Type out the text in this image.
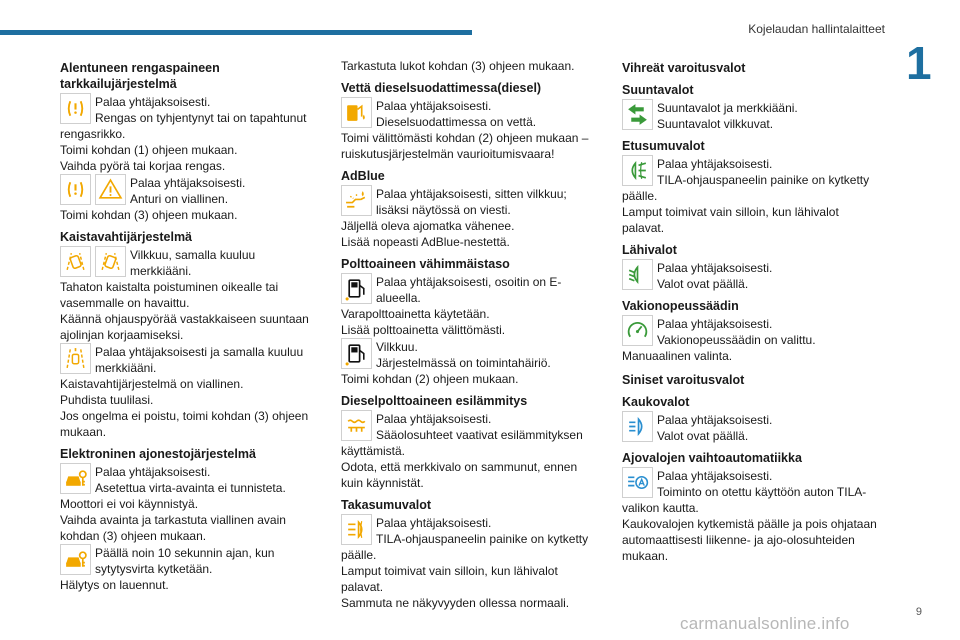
Kojelaudan hallintalaitteet
1
Alentuneen rengaspaineen tarkkailujärjestelmä

Palaa yhtäjaksoisesti.

Rengas on tyhjentynyt tai on tapahtunut rengasrikko.

Toimi kohdan (1) ohjeen mukaan.

Vaihda pyörä tai korjaa rengas.

Palaa yhtäjaksoisesti.

Anturi on viallinen.

Toimi kohdan (3) ohjeen mukaan.

Kaistavahtijärjestelmä

Vilkkuu, samalla kuuluu merkkiääni.

Tahaton kaistalta poistuminen oikealle tai vasemmalle on havaittu.

Käännä ohjauspyörää vastakkaiseen suuntaan ajolinjan korjaamiseksi.

Palaa yhtäjaksoisesti ja samalla kuuluu merkkiääni.

Kaistavahtijärjestelmä on viallinen.

Puhdista tuulilasi.

Jos ongelma ei poistu, toimi kohdan (3) ohjeen mukaan.

Elektroninen ajonestojärjestelmä

Palaa yhtäjaksoisesti.

Asetettua virta-avainta ei tunnisteta.

Moottori ei voi käynnistyä.

Vaihda avainta ja tarkastuta viallinen avain kohdan (3) ohjeen mukaan.

Päällä noin 10 sekunnin ajan, kun sytytysvirta kytketään.

Hälytys on lauennut.

Tarkastuta lukot kohdan (3) ohjeen mukaan.

Vettä dieselsuodattimessa(diesel)

Palaa yhtäjaksoisesti.

Dieselsuodattimessa on vettä.

Toimi välittömästi kohdan (2) ohjeen mukaan – ruiskutusjärjestelmän vaurioitumisvaara!

AdBlue

Palaa yhtäjaksoisesti, sitten vilkkuu; lisäksi näytössä on viesti.

Jäljellä oleva ajomatka vähenee.

Lisää nopeasti AdBlue-nestettä.

Polttoaineen vähimmäistaso

Palaa yhtäjaksoisesti, osoitin on E-alueella.

Varapolttoainetta käytetään.

Lisää polttoainetta välittömästi.

Vilkkuu.

Järjestelmässä on toimintahäiriö.

Toimi kohdan (2) ohjeen mukaan.

Dieselpolttoaineen esilämmitys

Palaa yhtäjaksoisesti.

Sääolosuhteet vaativat esilämmityksen käyttämistä.

Odota, että merkkivalo on sammunut, ennen kuin käynnistät.

Takasumuvalot

Palaa yhtäjaksoisesti.

TILA-ohjauspaneelin painike on kytketty päälle.

Lamput toimivat vain silloin, kun lähivalot palavat.

Sammuta ne näkyvyyden ollessa normaali.

Vihreät varoitusvalot
Suuntavalot

Suuntavalot ja merkkiääni.

Suuntavalot vilkkuvat.

Etusumuvalot

Palaa yhtäjaksoisesti.

TILA-ohjauspaneelin painike on kytketty päälle.

Lamput toimivat vain silloin, kun lähivalot palavat.

Lähivalot

Palaa yhtäjaksoisesti.

Valot ovat päällä.

Vakionopeussäädin

Palaa yhtäjaksoisesti.

Vakionopeussäädin on valittu.

Manuaalinen valinta.

Siniset varoitusvalot
Kaukovalot

Palaa yhtäjaksoisesti.

Valot ovat päällä.

Ajovalojen vaihtoautomatiikka

Palaa yhtäjaksoisesti.

Toiminto on otettu käyttöön auton TILA-valikon kautta.

Kaukovalojen kytkemistä päälle ja pois ohjataan automaattisesti liikenne- ja ajo-olosuhteiden mukaan.

9
carmanualsonline.info
